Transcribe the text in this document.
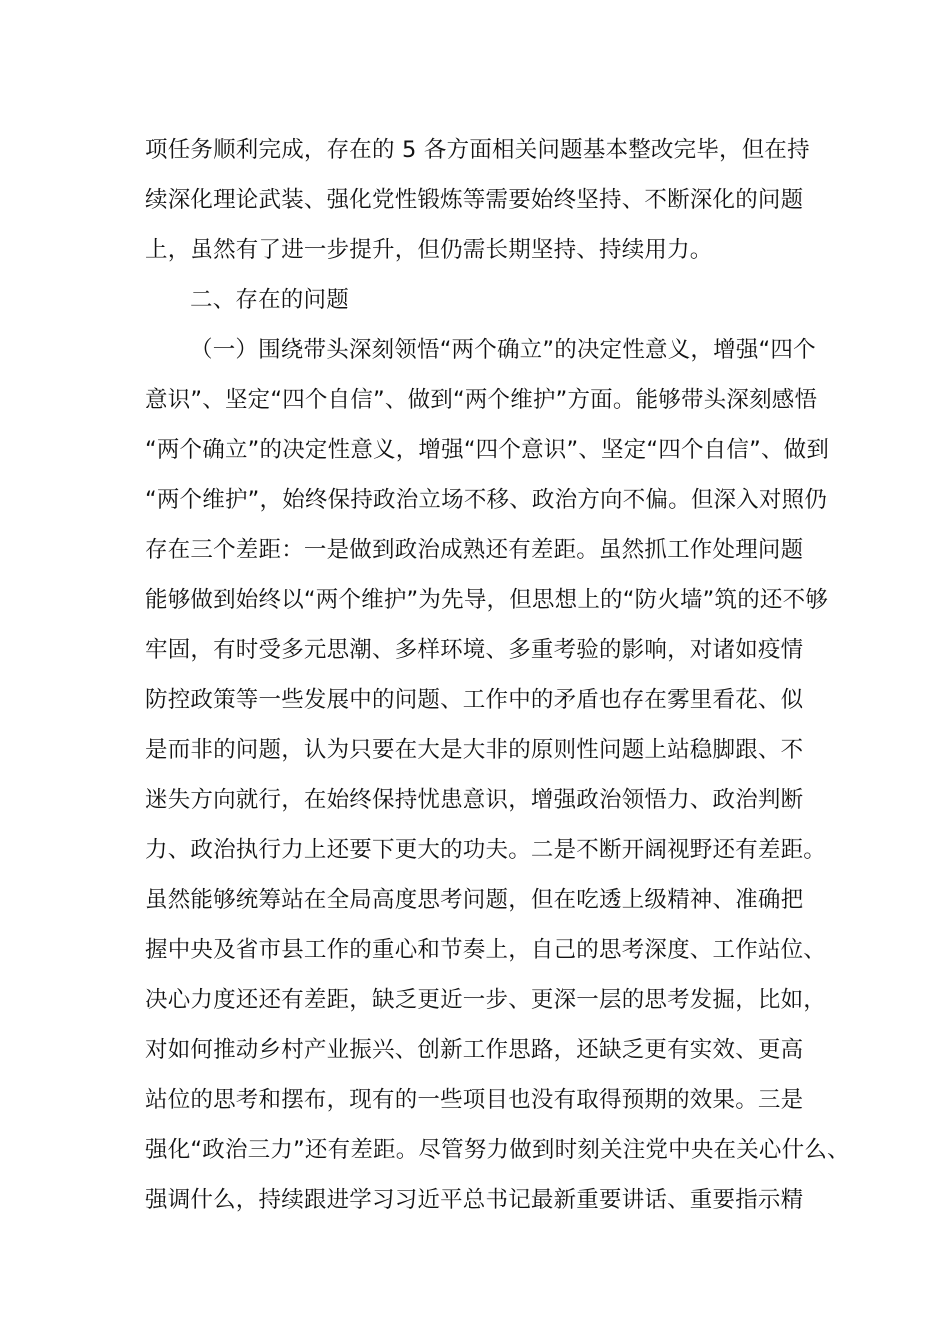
项任务顺利完成，存在的 5 各方面相关问题基本整改完毕，但在持

续深化理论武装、强化党性锻炼等需要始终坚持、不断深化的问题

上，虽然有了进一步提升，但仍需长期坚持、持续用力。

二、存在的问题

（一）围绕带头深刻领悟“两个确立”的决定性意义，增强“四个

意识”、坚定“四个自信”、做到“两个维护”方面。能够带头深刻感悟

“两个确立”的决定性意义，增强“四个意识”、坚定“四个自信”、做到

“两个维护”，始终保持政治立场不移、政治方向不偏。但深入对照仍

存在三个差距：一是做到政治成熟还有差距。虽然抓工作处理问题

能够做到始终以“两个维护”为先导，但思想上的“防火墙”筑的还不够

牢固，有时受多元思潮、多样环境、多重考验的影响，对诸如疫情

防控政策等一些发展中的问题、工作中的矛盾也存在雾里看花、似

是而非的问题，认为只要在大是大非的原则性问题上站稳脚跟、不

迷失方向就行，在始终保持忧患意识，增强政治领悟力、政治判断

力、政治执行力上还要下更大的功夫。二是不断开阔视野还有差距。

虽然能够统筹站在全局高度思考问题，但在吃透上级精神、准确把

握中央及省市县工作的重心和节奏上，自己的思考深度、工作站位、

决心力度还还有差距，缺乏更近一步、更深一层的思考发掘，比如，

对如何推动乡村产业振兴、创新工作思路，还缺乏更有实效、更高

站位的思考和摆布，现有的一些项目也没有取得预期的效果。三是

强化“政治三力”还有差距。尽管努力做到时刻关注党中央在关心什么、

强调什么，持续跟进学习习近平总书记最新重要讲话、重要指示精
